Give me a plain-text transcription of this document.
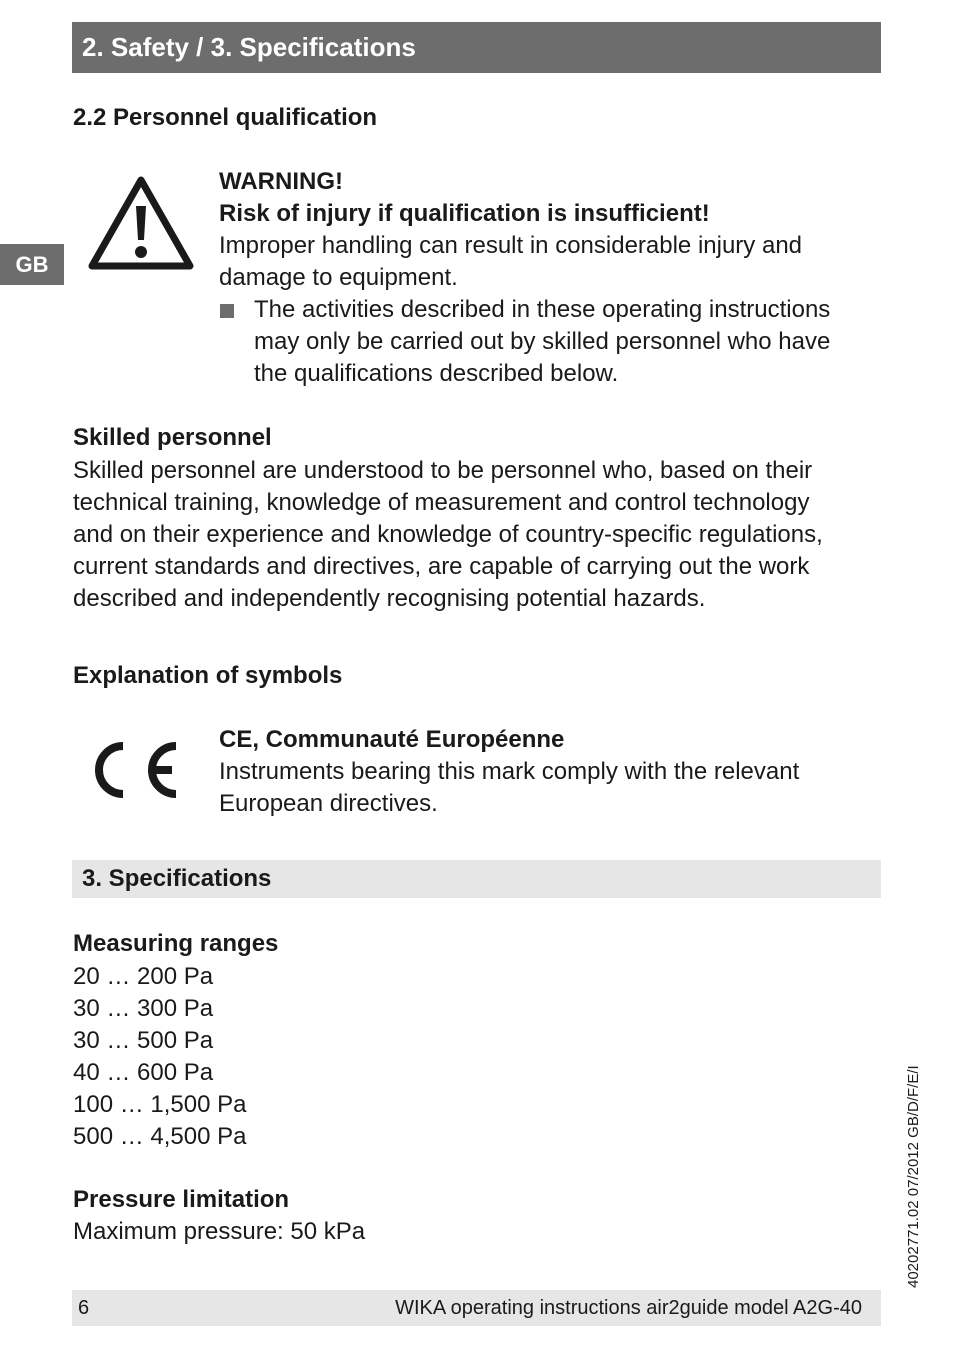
2. Safety / 3. Specifications
GB
2.2 Personnel qualification
WARNING!
Risk of injury if qualification is insufficient!
Improper handling can result in considerable injury and
damage to equipment.
The activities described in these operating instructions
may only be carried out by skilled personnel who have
the qualifications described below.
Skilled personnel
Skilled personnel are understood to be personnel who, based on their
technical training, knowledge of measurement and control technology
and on their experience and knowledge of country-specific regulations,
current standards and directives, are capable of carrying out the work
described and independently recognising potential hazards.
Explanation of symbols
CE, Communauté Européenne
Instruments bearing this mark comply with the relevant
European directives.
3. Specifications
Measuring ranges
20 … 200 Pa
30 … 300 Pa
30 … 500 Pa
40 … 600 Pa
100 … 1,500 Pa
500 … 4,500 Pa
Pressure limitation
Maximum pressure: 50 kPa	40202771.02 07/2012 GB/D/F/E/I
6	WIKA operating instructions air2guide model A2G-40
